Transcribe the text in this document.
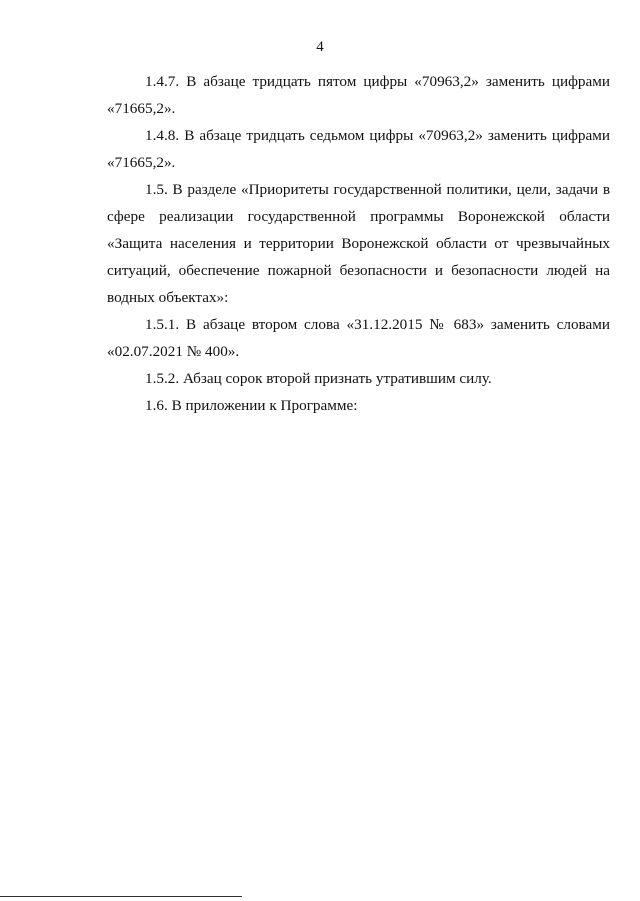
4

1.4.7. В абзаце тридцать пятом цифры «70963,2» заменить цифрами «71665,2».

1.4.8. В абзаце тридцать седьмом цифры «70963,2» заменить цифрами «71665,2».

1.5. В разделе «Приоритеты государственной политики, цели, задачи в сфере реализации государственной программы Воронежской области «Защита населения и территории Воронежской области от чрезвычайных ситуаций, обеспечение пожарной безопасности и безопасности людей на водных объектах»:

1.5.1. В абзаце втором слова «31.12.2015 № 683» заменить словами «02.07.2021 № 400».

1.5.2. Абзац сорок второй признать утратившим силу.

1.6. В приложении к Программе:
